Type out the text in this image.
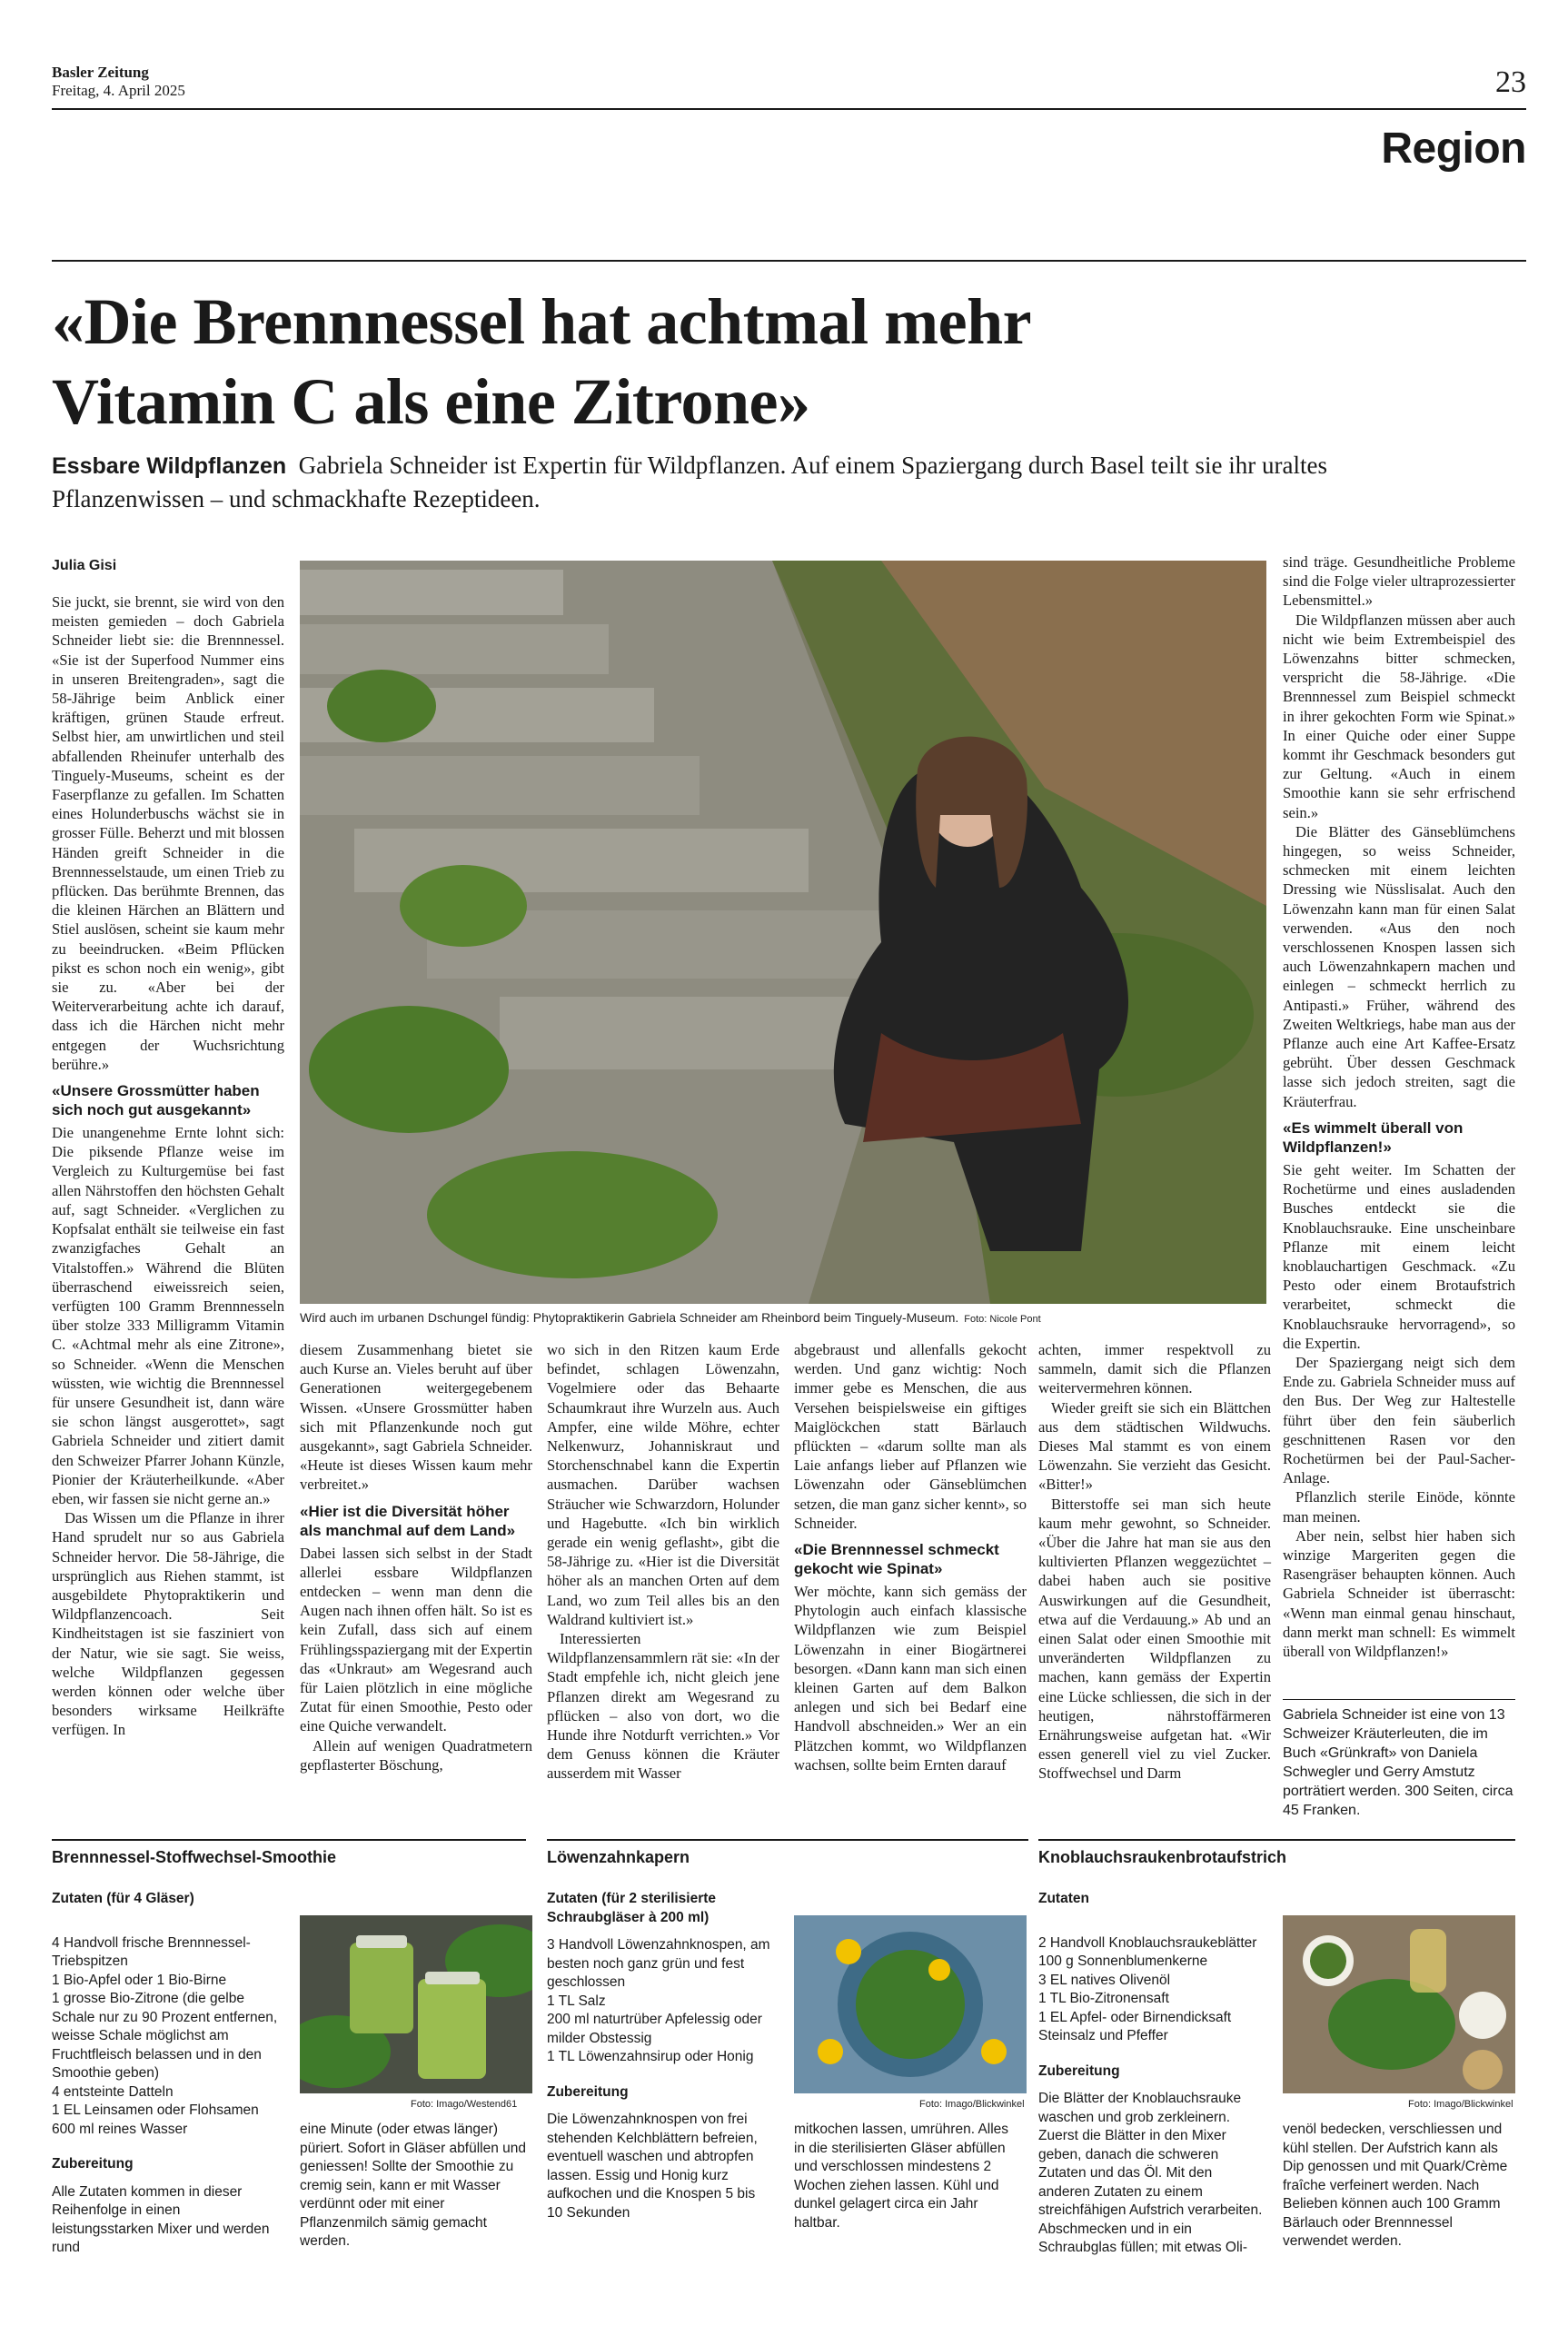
Basler Zeitung
Freitag, 4. April 2025	23
Region
«Die Brennnessel hat achtmal mehr
Vitamin C als eine Zitrone»
Essbare Wildpflanzen Gabriela Schneider ist Expertin für Wildpflanzen. Auf einem Spaziergang durch Basel teilt sie ihr uraltes Pflanzenwissen – und schmackhafte Rezeptideen.
Julia Gisi

Sie juckt, sie brennt, sie wird von den meisten gemieden – doch Gabriela Schneider liebt sie: die Brennnessel. «Sie ist der Superfood Nummer eins in unseren Breitengraden», sagt die 58-Jährige beim Anblick einer kräftigen, grünen Staude erfreut. Selbst hier, am unwirtlichen und steil abfallenden Rheinufer unterhalb des Tinguely-Museums, scheint es der Faserpflanze zu gefallen. Im Schatten eines Holunderbuschs wächst sie in grosser Fülle. Beherzt und mit blossen Händen greift Schneider in die Brennnesselstaude, um einen Trieb zu pflücken. Das berühmte Brennen, das die kleinen Härchen an Blättern und Stiel auslösen, scheint sie kaum mehr zu beeindrucken. «Beim Pflücken pikst es schon noch ein wenig», gibt sie zu. «Aber bei der Weiterverarbeitung achte ich darauf, dass ich die Härchen nicht mehr entgegen der Wuchsrichtung berühre.»

«Unsere Grossmütter haben sich noch gut ausgekannt»

Die unangenehme Ernte lohnt sich: Die piksende Pflanze weise im Vergleich zu Kulturgemüse bei fast allen Nährstoffen den höchsten Gehalt auf, sagt Schneider. «Verglichen zu Kopfsalat enthält sie teilweise ein fast zwanzigfaches Gehalt an Vitalstoffen.» Während die Blüten überraschend eiweissreich seien, verfügten 100 Gramm Brennnesseln über stolze 333 Milligramm Vitamin C. «Achtmal mehr als eine Zitrone», so Schneider. «Wenn die Menschen wüssten, wie wichtig die Brennnessel für unsere Gesundheit ist, dann wäre sie schon längst ausgerottet», sagt Gabriela Schneider und zitiert damit den Schweizer Pfarrer Johann Künzle, Pionier der Kräuterheilkunde. «Aber eben, wir fassen sie nicht gerne an.»

Das Wissen um die Pflanze in ihrer Hand sprudelt nur so aus Gabriela Schneider hervor. Die 58-Jährige, die ursprünglich aus Riehen stammt, ist ausgebildete Phytopraktikerin und Wildpflanzencoach. Seit Kindheitstagen ist sie fasziniert von der Natur, wie sie sagt. Sie weiss, welche Wildpflanzen gegessen werden können oder welche über besonders wirksame Heilkräfte verfügen. In

Wird auch im urbanen Dschungel fündig: Phytopraktikerin Gabriela Schneider am Rheinbord beim Tinguely-Museum. Foto: Nicole Pont

diesem Zusammenhang bietet sie auch Kurse an. Vieles beruht auf über Generationen weitergegebenem Wissen. «Unsere Grossmütter haben sich mit Pflanzenkunde noch gut ausgekannt», sagt Gabriela Schneider. «Heute ist dieses Wissen kaum mehr verbreitet.»

«Hier ist die Diversität höher als manchmal auf dem Land»

Dabei lassen sich selbst in der Stadt allerlei essbare Wildpflanzen entdecken – wenn man denn die Augen nach ihnen offen hält. So ist es kein Zufall, dass sich auf einem Frühlingsspaziergang mit der Expertin das «Unkraut» am Wegesrand auch für Laien plötzlich in eine mögliche Zutat für einen Smoothie, Pesto oder eine Quiche verwandelt.

Allein auf wenigen Quadratmetern gepflasterter Böschung,

wo sich in den Ritzen kaum Erde befindet, schlagen Löwenzahn, Vogelmiere oder das Behaarte Schaumkraut ihre Wurzeln aus. Auch Ampfer, eine wilde Möhre, echter Nelkenwurz, Johanniskraut und Storchenschnabel kann die Expertin ausmachen. Darüber wachsen Sträucher wie Schwarzdorn, Holunder und Hagebutte. «Ich bin wirklich gerade ein wenig geflasht», gibt die 58-Jährige zu. «Hier ist die Diversität höher als an manchen Orten auf dem Land, wo zum Teil alles bis an den Waldrand kultiviert ist.»

Interessierten Wildpflanzensammlern rät sie: «In der Stadt empfehle ich, nicht gleich jene Pflanzen direkt am Wegesrand zu pflücken – also von dort, wo die Hunde ihre Notdurft verrichten.» Vor dem Genuss können die Kräuter ausserdem mit Wasser

abgebraust und allenfalls gekocht werden. Und ganz wichtig: Noch immer gebe es Menschen, die aus Versehen beispielsweise ein giftiges Maiglöckchen statt Bärlauch pflückten – «darum sollte man als Laie anfangs lieber auf Pflanzen wie Löwenzahn oder Gänseblümchen setzen, die man ganz sicher kennt», so Schneider.

«Die Brennnessel schmeckt gekocht wie Spinat»

Wer möchte, kann sich gemäss der Phytologin auch einfach klassische Wildpflanzen wie zum Beispiel Löwenzahn in einer Biogärtnerei besorgen. «Dann kann man sich einen kleinen Garten auf dem Balkon anlegen und sich bei Bedarf eine Handvoll abschneiden.» Wer an ein Plätzchen kommt, wo Wildpflanzen wachsen, sollte beim Ernten darauf

achten, immer respektvoll zu sammeln, damit sich die Pflanzen weitervermehren können.

Wieder greift sie sich ein Blättchen aus dem städtischen Wildwuchs. Dieses Mal stammt es von einem Löwenzahn. Sie verzieht das Gesicht. «Bitter!»

Bitterstoffe sei man sich heute kaum mehr gewohnt, so Schneider. «Über die Jahre hat man sie aus den kultivierten Pflanzen weggezüchtet – dabei haben auch sie positive Auswirkungen auf die Gesundheit, etwa auf die Verdauung.» Ab und an einen Salat oder einen Smoothie mit unveränderten Wildpflanzen zu machen, kann gemäss der Expertin eine Lücke schliessen, die sich in der heutigen, nährstoffärmeren Ernährungsweise aufgetan hat. «Wir essen generell viel zu viel Zucker. Stoffwechsel und Darm

sind träge. Gesundheitliche Probleme sind die Folge vieler ultraprozessierter Lebensmittel.»

Die Wildpflanzen müssen aber auch nicht wie beim Extrembeispiel des Löwenzahns bitter schmecken, verspricht die 58-Jährige. «Die Brennnessel zum Beispiel schmeckt in ihrer gekochten Form wie Spinat.» In einer Quiche oder einer Suppe kommt ihr Geschmack besonders gut zur Geltung. «Auch in einem Smoothie kann sie sehr erfrischend sein.»

Die Blätter des Gänseblümchens hingegen, so weiss Schneider, schmecken mit einem leichten Dressing wie Nüsslisalat. Auch den Löwenzahn kann man für einen Salat verwenden. «Aus den noch verschlossenen Knospen lassen sich auch Löwenzahnkapern machen und einlegen – schmeckt herrlich zu Antipasti.» Früher, während des Zweiten Weltkriegs, habe man aus der Pflanze auch eine Art Kaffee-Ersatz gebrüht. Über dessen Geschmack lasse sich jedoch streiten, sagt die Kräuterfrau.

«Es wimmelt überall von Wildpflanzen!»

Sie geht weiter. Im Schatten der Rochetürme und eines ausladenden Busches entdeckt sie die Knoblauchsrauke. Eine unscheinbare Pflanze mit einem leicht knoblauchartigen Geschmack. «Zu Pesto oder einem Brotaufstrich verarbeitet, schmeckt die Knoblauchsrauke hervorragend», so die Expertin.

Der Spaziergang neigt sich dem Ende zu. Gabriela Schneider muss auf den Bus. Der Weg zur Haltestelle führt über den fein säuberlich geschnittenen Rasen vor den Rochetürmen bei der Paul-Sacher-Anlage.

Pflanzlich sterile Einöde, könnte man meinen.

Aber nein, selbst hier haben sich winzige Margeriten gegen die Rasengräser behaupten können. Auch Gabriela Schneider ist überrascht: «Wenn man einmal genau hinschaut, dann merkt man schnell: Es wimmelt überall von Wildpflanzen!»

Gabriela Schneider ist eine von 13 Schweizer Kräuterleuten, die im Buch «Grünkraft» von Daniela Schwegler und Gerry Amstutz porträtiert werden. 300 Seiten, circa 45 Franken.
Brennnessel-Stoffwechsel-Smoothie
Zutaten (für 4 Gläser)
4 Handvoll frische Brennnessel-Triebspitzen
1 Bio-Apfel oder 1 Bio-Birne
1 grosse Bio-Zitrone (die gelbe Schale nur zu 90 Prozent entfernen, weisse Schale möglichst am Fruchtfleisch belassen und in den Smoothie geben)
4 entsteinte Datteln
1 EL Leinsamen oder Flohsamen
600 ml reines Wasser
Zubereitung
Alle Zutaten kommen in dieser Reihenfolge in einen leistungsstarken Mixer und werden rund
Foto: Imago/Westend61
eine Minute (oder etwas länger) püriert. Sofort in Gläser abfüllen und geniessen! Sollte der Smoothie zu cremig sein, kann er mit Wasser verdünnt oder mit einer Pflanzenmilch sämig gemacht werden.
Löwenzahnkapern
Zutaten (für 2 sterilisierte Schraubgläser à 200 ml)
3 Handvoll Löwenzahnknospen, am besten noch ganz grün und fest geschlossen
1 TL Salz
200 ml naturtrüber Apfelessig oder milder Obstessig
1 TL Löwenzahnsirup oder Honig
Zubereitung
Die Löwenzahnknospen von frei stehenden Kelchblättern befreien, eventuell waschen und abtropfen lassen. Essig und Honig kurz aufkochen und die Knospen 5 bis 10 Sekunden
Foto: Imago/Blickwinkel
mitkochen lassen, umrühren. Alles in die sterilisierten Gläser abfüllen und verschlossen mindestens 2 Wochen ziehen lassen. Kühl und dunkel gelagert circa ein Jahr haltbar.
Knoblauchsraukenbrotaufstrich
Zutaten
2 Handvoll Knoblauchsraukeblätter
100 g Sonnenblumenkerne
3 EL natives Olivenöl
1 TL Bio-Zitronensaft
1 EL Apfel- oder Birnendicksaft
Steinsalz und Pfeffer
Zubereitung
Die Blätter der Knoblauchsrauke waschen und grob zerkleinern. Zuerst die Blätter in den Mixer geben, danach die schweren Zutaten und das Öl. Mit den anderen Zutaten zu einem streichfähigen Aufstrich verarbeiten. Abschmecken und in ein Schraubglas füllen; mit etwas Oli-
Foto: Imago/Blickwinkel
venöl bedecken, verschliessen und kühl stellen. Der Aufstrich kann als Dip genossen und mit Quark/Crème fraîche verfeinert werden. Nach Belieben können auch 100 Gramm Bärlauch oder Brennnessel verwendet werden.
